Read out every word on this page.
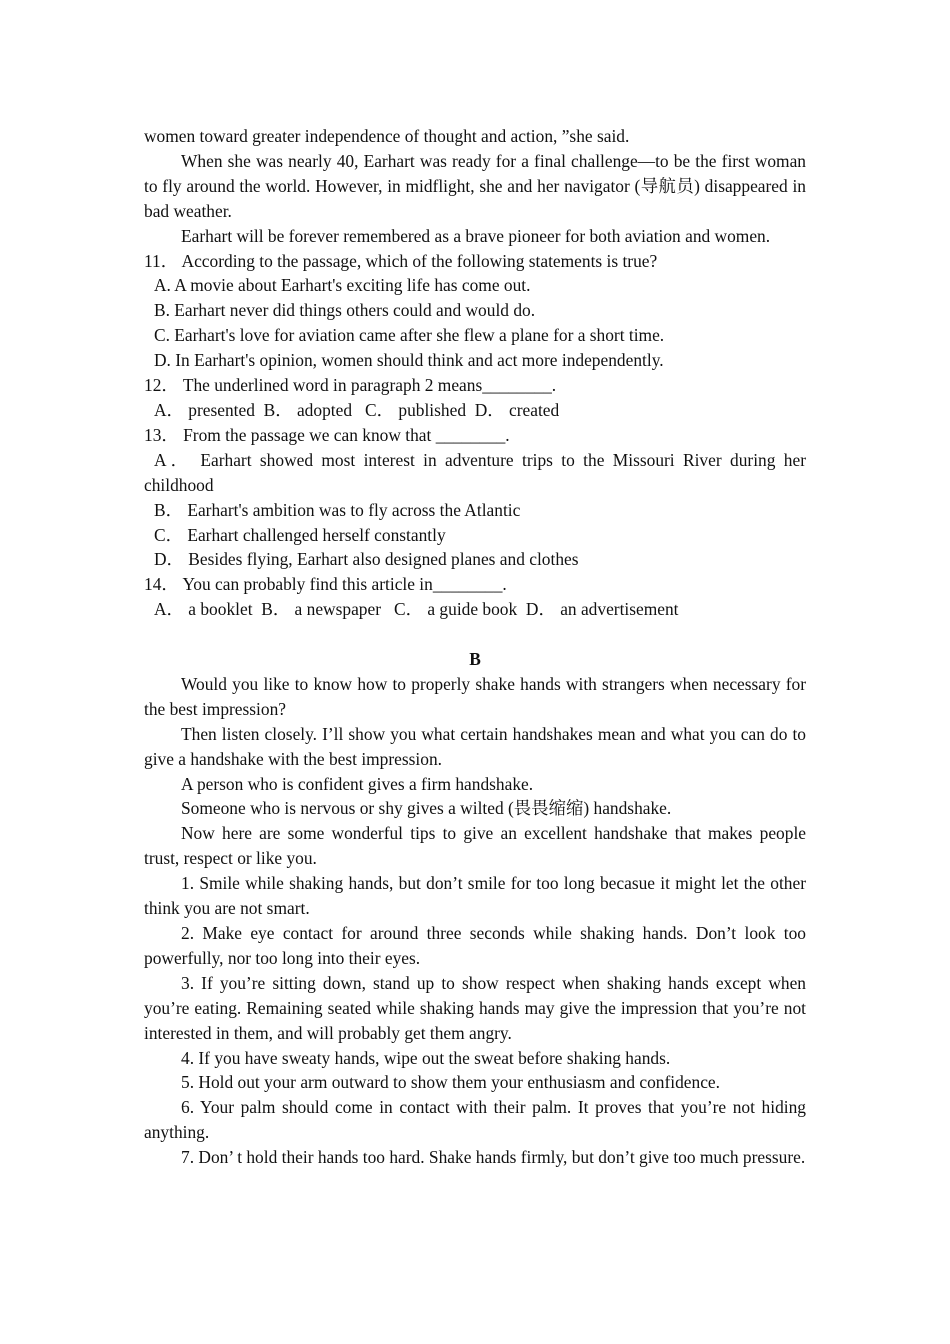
women toward greater independence of thought and action, ”she said.

When she was nearly 40, Earhart was ready for a final challenge—to be the first woman to fly around the world. However, in midflight, she and her navigator (导航员) disappeared in bad weather.

Earhart will be forever remembered as a brave pioneer for both aviation and women.

11． According to the passage, which of the following statements is true?

A. A movie about Earhart's exciting life has come out.

B. Earhart never did things others could and would do.

C. Earhart's love for aviation came after she flew a plane for a short time.

D. In Earhart's opinion, women should think and act more independently.

12． The underlined word in paragraph 2 means________.

A． presented  B． adopted   C． published  D． created

13． From the passage we can know that ________.

A． Earhart showed most interest in adventure trips to the Missouri River during her childhood

B． Earhart's ambition was to fly across the Atlantic

C． Earhart challenged herself constantly

D． Besides flying, Earhart also designed planes and clothes

14． You can probably find this article in________.

A． a booklet  B． a newspaper   C． a guide book  D． an advertisement

B

Would you like to know how to properly shake hands with strangers when necessary for the best impression?

Then listen closely. I’ll show you what certain handshakes mean and what you can do to give a handshake with the best impression.

A person who is confident gives a firm handshake.

Someone who is nervous or shy gives a wilted (畏畏缩缩) handshake.

Now here are some wonderful tips to give an excellent handshake that makes people trust, respect or like you.

1. Smile while shaking hands, but don’t smile for too long becasue it might let the other think you are not smart.

2. Make eye contact for around three seconds while shaking hands. Don’t look too powerfully, nor too long into their eyes.

3. If you’re sitting down, stand up to show respect when shaking hands except when you’re eating. Remaining seated while shaking hands may give the impression that you’re not interested in them, and will probably get them angry.

4. If you have sweaty hands, wipe out the sweat before shaking hands.

5. Hold out your arm outward to show them your enthusiasm and confidence.

6. Your palm should come in contact with their palm. It proves that you’re not hiding anything.

7. Don’ t hold their hands too hard. Shake hands firmly, but don’t give too much pressure.
